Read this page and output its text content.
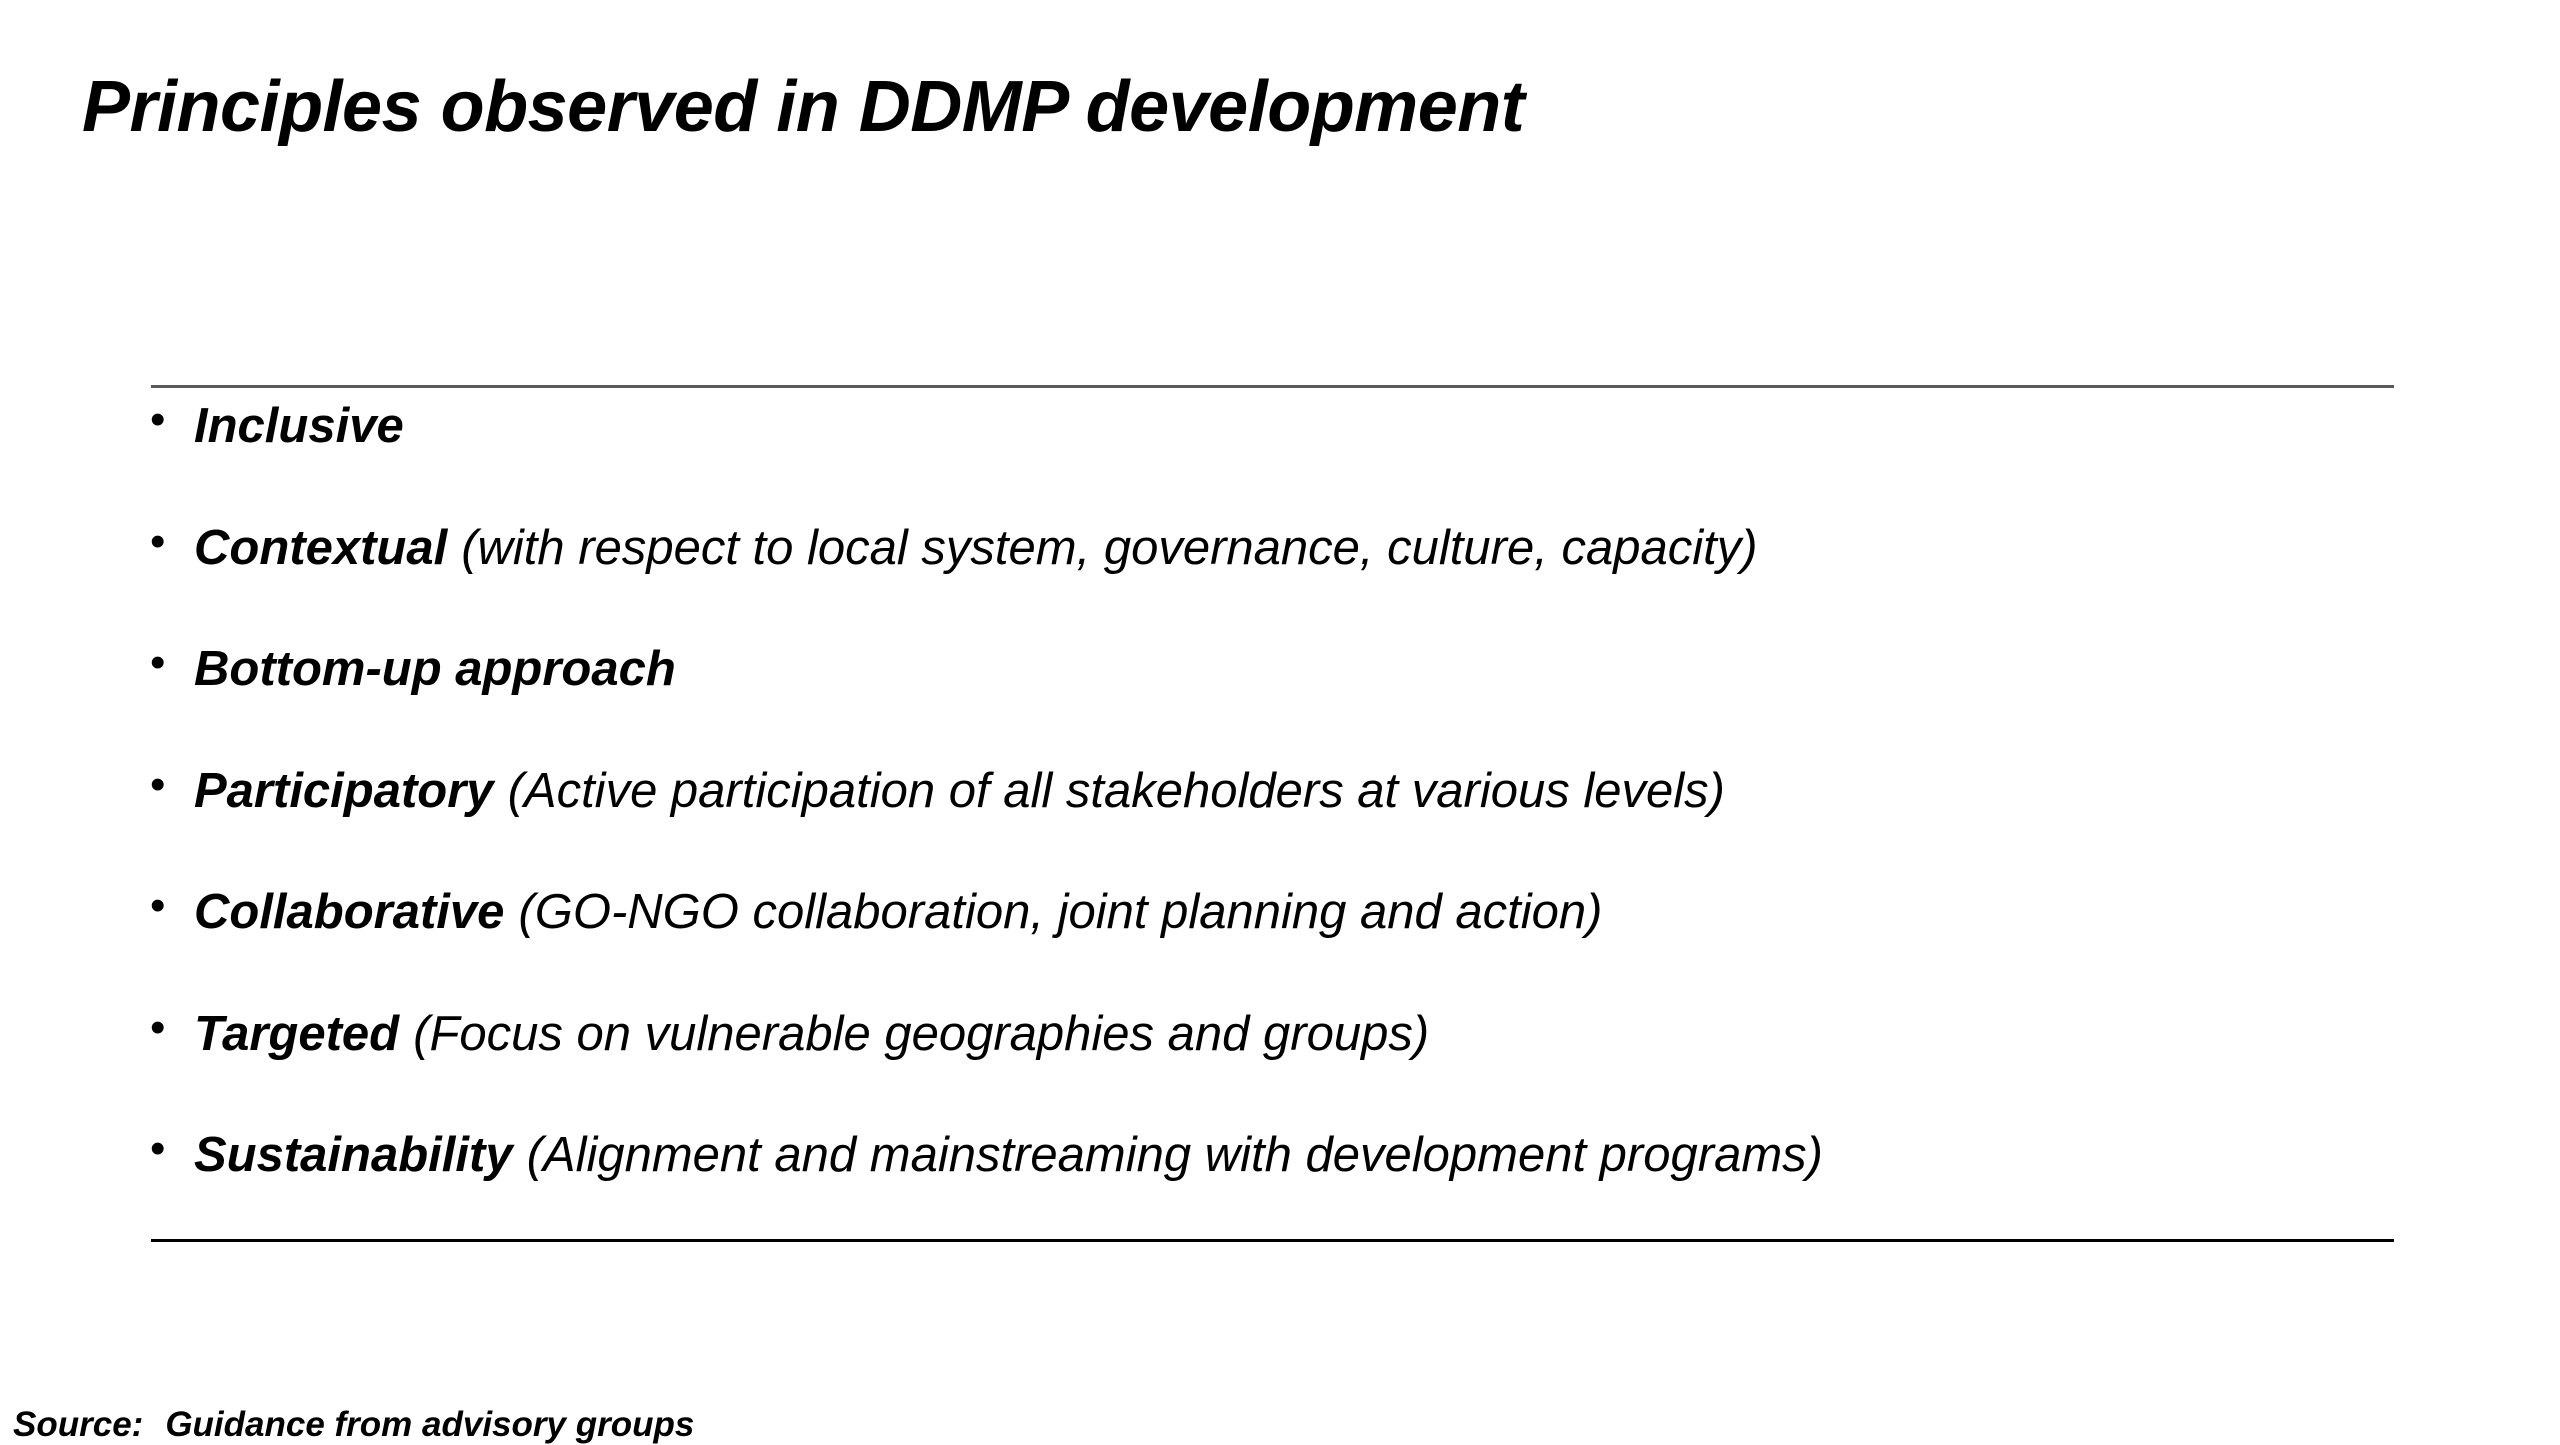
Principles observed in DDMP development
• Inclusive
• Contextual (with respect to local system, governance, culture, capacity)
• Bottom-up approach
• Participatory (Active participation of all stakeholders at various levels)
• Collaborative (GO-NGO collaboration, joint planning and action)
• Targeted (Focus on vulnerable geographies and groups)
• Sustainability (Alignment and mainstreaming with development programs)

Source: Guidance from advisory groups
